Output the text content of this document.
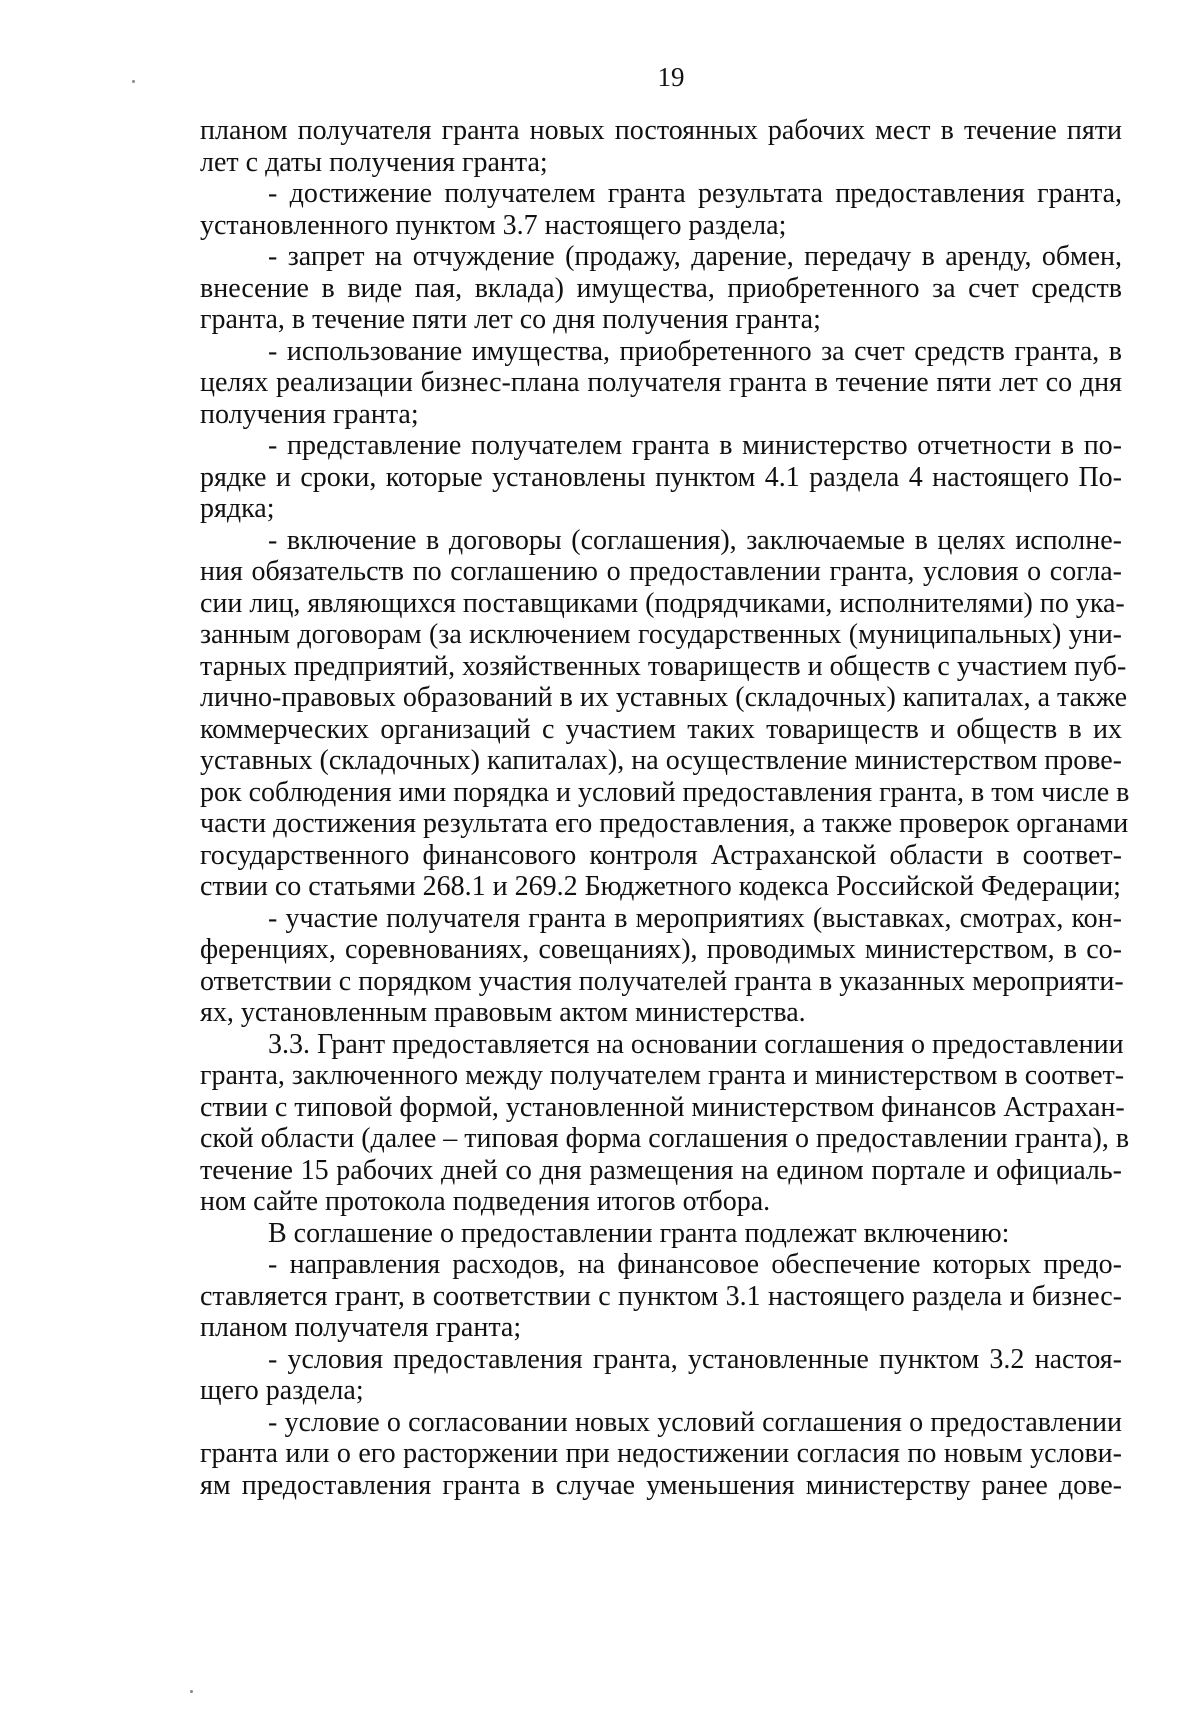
19
планом получателя гранта новых постоянных рабочих мест в течение пяти
лет с даты получения гранта;
- достижение получателем гранта результата предоставления гранта,
установленного пунктом 3.7 настоящего раздела;
- запрет на отчуждение (продажу, дарение, передачу в аренду, обмен,
внесение в виде пая, вклада) имущества, приобретенного за счет средств
гранта, в течение пяти лет со дня получения гранта;
- использование имущества, приобретенного за счет средств гранта, в
целях реализации бизнес-плана получателя гранта в течение пяти лет со дня
получения гранта;
- представление получателем гранта в министерство отчетности в по-
рядке и сроки, которые установлены пунктом 4.1 раздела 4 настоящего По-
рядка;
- включение в договоры (соглашения), заключаемые в целях исполне-
ния обязательств по соглашению о предоставлении гранта, условия о согла-
сии лиц, являющихся поставщиками (подрядчиками, исполнителями) по ука-
занным договорам (за исключением государственных (муниципальных) уни-
тарных предприятий, хозяйственных товариществ и обществ с участием пуб-
лично-правовых образований в их уставных (складочных) капиталах, а также
коммерческих организаций с участием таких товариществ и обществ в их
уставных (складочных) капиталах), на осуществление министерством прове-
рок соблюдения ими порядка и условий предоставления гранта, в том числе в
части достижения результата его предоставления, а также проверок органами
государственного финансового контроля Астраханской области в соответ-
ствии со статьями 268.1 и 269.2 Бюджетного кодекса Российской Федерации;
- участие получателя гранта в мероприятиях (выставках, смотрах, кон-
ференциях, соревнованиях, совещаниях), проводимых министерством, в со-
ответствии с порядком участия получателей гранта в указанных мероприяти-
ях, установленным правовым актом министерства.
3.3. Грант предоставляется на основании соглашения о предоставлении
гранта, заключенного между получателем гранта и министерством в соответ-
ствии с типовой формой, установленной министерством финансов Астрахан-
ской области (далее – типовая форма соглашения о предоставлении гранта), в
течение 15 рабочих дней со дня размещения на едином портале и официаль-
ном сайте протокола подведения итогов отбора.
В соглашение о предоставлении гранта подлежат включению:
- направления расходов, на финансовое обеспечение которых предо-
ставляется грант, в соответствии с пунктом 3.1 настоящего раздела и бизнес-
планом получателя гранта;
- условия предоставления гранта, установленные пунктом 3.2 настоя-
щего раздела;
- условие о согласовании новых условий соглашения о предоставлении
гранта или о его расторжении при недостижении согласия по новым услови-
ям предоставления гранта в случае уменьшения министерству ранее дове-
